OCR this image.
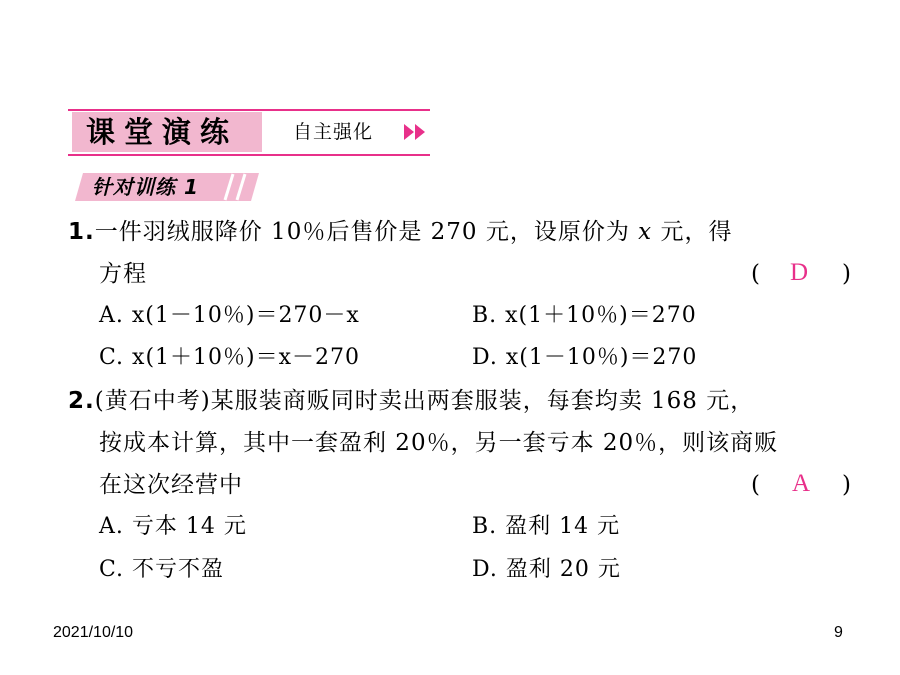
课堂演练	自主强化
针对训练 1
1.一件羽绒服降价 10％后售价是 270 元，设原价为 x 元，得
方程	( D )
A. x(1－10％)＝270－x	B. x(1＋10％)＝270
C. x(1＋10％)＝x－270	D. x(1－10％)＝270
2.(黄石中考)某服装商贩同时卖出两套服装，每套均卖 168 元，
按成本计算，其中一套盈利 20％，另一套亏本 20％，则该商贩
在这次经营中	( A )
A. 亏本 14 元	B. 盈利 14 元
C. 不亏不盈	D. 盈利 20 元
2021/10/10	9
